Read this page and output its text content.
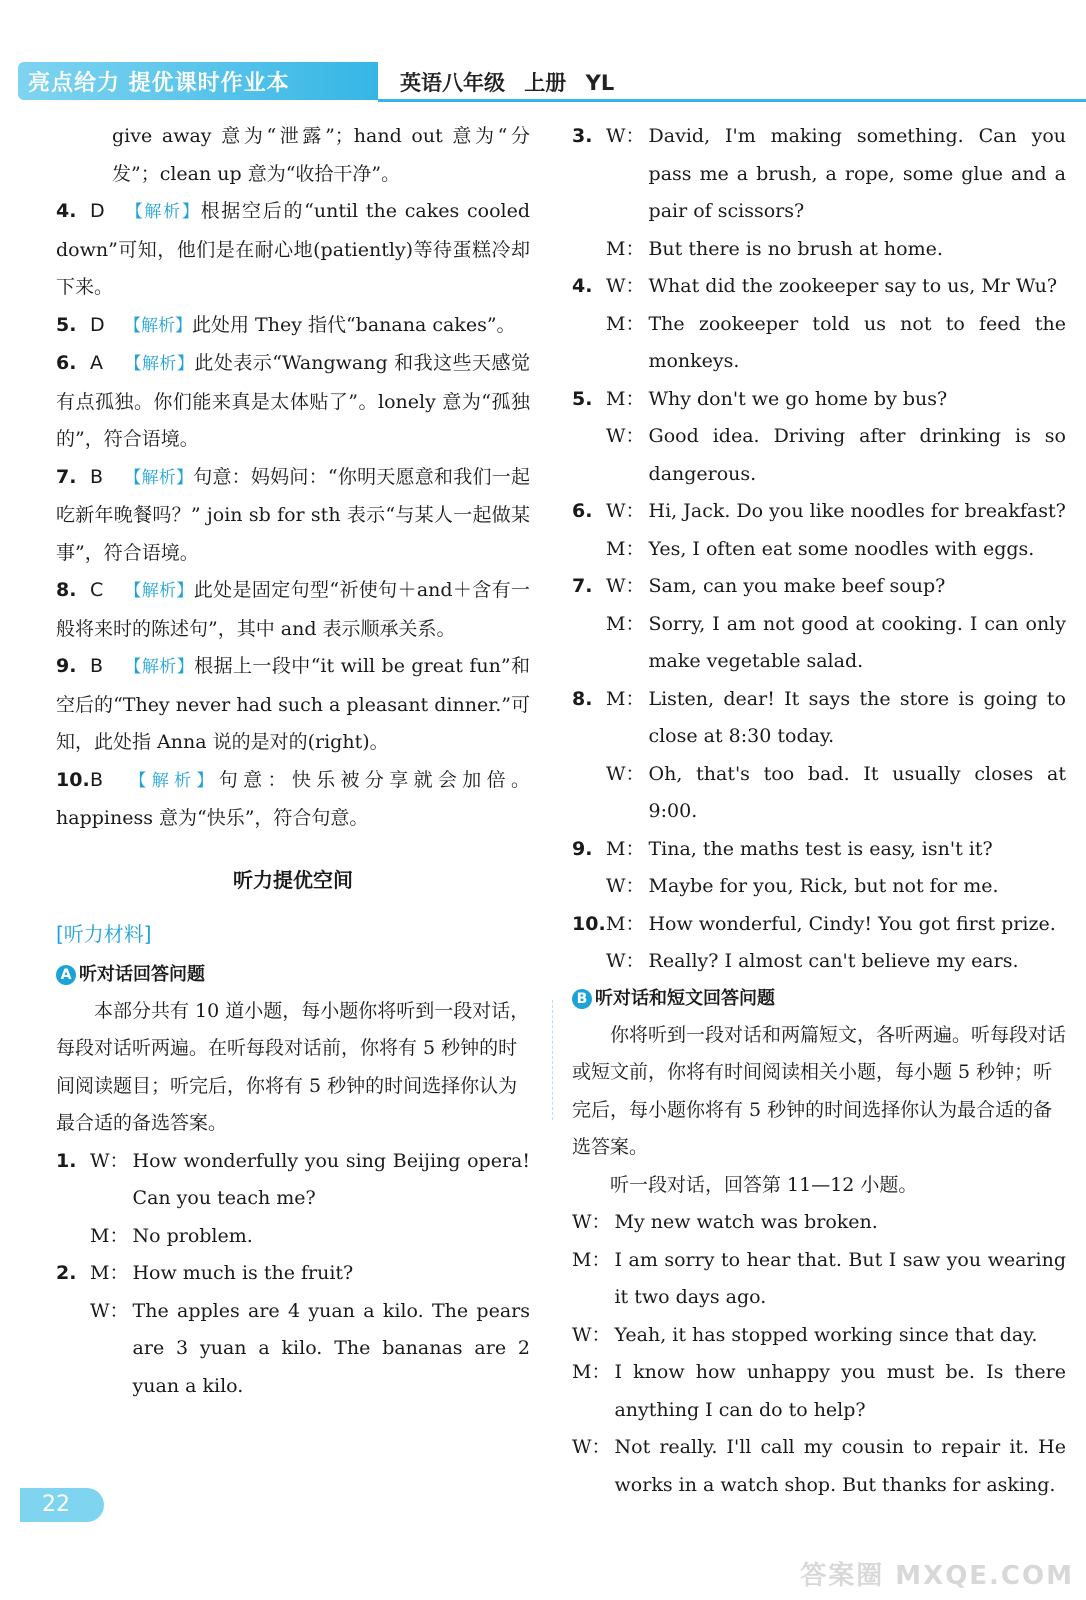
亮点给力 提优课时作业本	英语八年级 上册 YL

give away 意为“泄露”；hand out 意为“分发”；clean up 意为“收拾干净”。

4. D 【解析】根据空后的“until the cakes cooled down”可知，他们是在耐心地(patiently)等待蛋糕冷却下来。

5. D 【解析】此处用 They 指代“banana cakes”。

6. A 【解析】此处表示“Wangwang 和我这些天感觉有点孤独。你们能来真是太体贴了”。lonely 意为“孤独的”，符合语境。

7. B 【解析】句意：妈妈问：“你明天愿意和我们一起吃新年晚餐吗？” join sb for sth 表示“与某人一起做某事”，符合语境。

8. C 【解析】此处是固定句型“祈使句＋and＋含有一般将来时的陈述句”，其中 and 表示顺承关系。

9. B 【解析】根据上一段中“it will be great fun”和空后的“They never had such a pleasant dinner.”可知，此处指 Anna 说的是对的(right)。

10.B 【解析】句意：快乐被分享就会加倍。happiness 意为“快乐”，符合句意。

听力提优空间
[听力材料]
A 听对话回答问题

本部分共有 10 道小题，每小题你将听到一段对话，每段对话听两遍。在听每段对话前，你将有 5 秒钟的时间阅读题目；听完后，你将有 5 秒钟的时间选择你认为最合适的备选答案。

1. W： How wonderfully you sing Beijing opera! Can you teach me?
M： No problem.
2. M： How much is the fruit?
W： The apples are 4 yuan a kilo. The pears are 3 yuan a kilo. The bananas are 2 yuan a kilo.
3. W： David, I'm making something. Can you pass me a brush, a rope, some glue and a pair of scissors?
M： But there is no brush at home.
4. W： What did the zookeeper say to us, Mr Wu?
M： The zookeeper told us not to feed the monkeys.
5. M： Why don't we go home by bus?
W： Good idea. Driving after drinking is so dangerous.
6. W： Hi, Jack. Do you like noodles for breakfast?
M： Yes, I often eat some noodles with eggs.
7. W： Sam, can you make beef soup?
M： Sorry, I am not good at cooking. I can only make vegetable salad.
8. M： Listen, dear! It says the store is going to close at 8:30 today.
W： Oh, that's too bad. It usually closes at 9:00.
9. M： Tina, the maths test is easy, isn't it?
W： Maybe for you, Rick, but not for me.
10. M： How wonderful, Cindy! You got first prize.
W： Really? I almost can't believe my ears.
B 听对话和短文回答问题

你将听到一段对话和两篇短文，各听两遍。听每段对话或短文前，你将有时间阅读相关小题，每小题 5 秒钟；听完后，每小题你将有 5 秒钟的时间选择你认为最合适的备选答案。

听一段对话，回答第 11—12 小题。

W： My new watch was broken.
M： I am sorry to hear that. But I saw you wearing it two days ago.
W： Yeah, it has stopped working since that day.
M： I know how unhappy you must be. Is there anything I can do to help?
W： Not really. I'll call my cousin to repair it. He works in a watch shop. But thanks for asking.
22
答案圈 MXQE.COM
